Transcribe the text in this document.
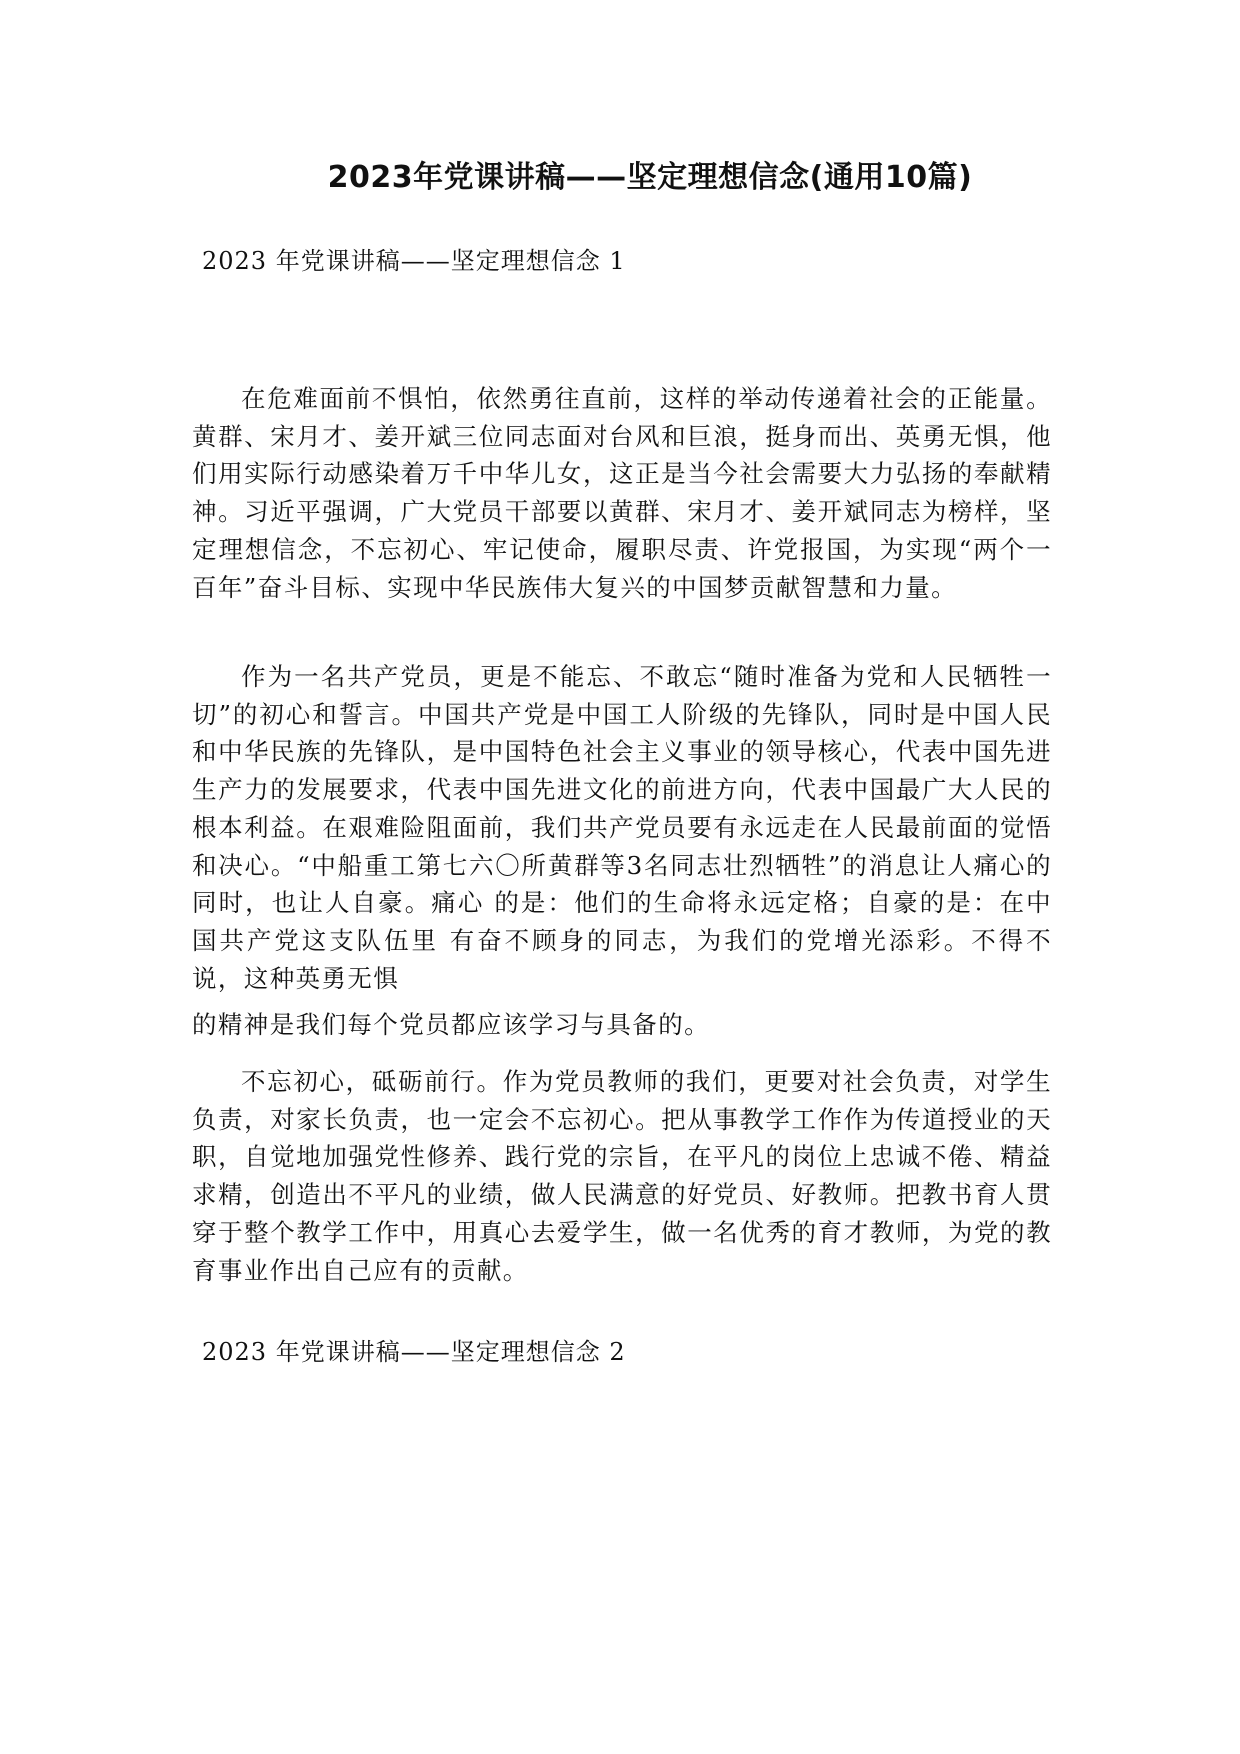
2023年党课讲稿——坚定理想信念(通用10篇)
2023 年党课讲稿——坚定理想信念 1

在危难面前不惧怕，依然勇往直前，这样的举动传递着社会的正能量。黄群、宋月才、姜开斌三位同志面对台风和巨浪，挺身而出、英勇无惧，他们用实际行动感染着万千中华儿女，这正是当今社会需要大力弘扬的奉献精神。习近平强调，广大党员干部要以黄群、宋月才、姜开斌同志为榜样，坚定理想信念，不忘初心、牢记使命，履职尽责、许党报国，为实现“两个一百年”奋斗目标、实现中华民族伟大复兴的中国梦贡献智慧和力量。

作为一名共产党员，更是不能忘、不敢忘“随时准备为党和人民牺牲一切”的初心和誓言。中国共产党是中国工人阶级的先锋队，同时是中国人民和中华民族的先锋队，是中国特色社会主义事业的领导核心，代表中国先进生产力的发展要求，代表中国先进文化的前进方向，代表中国最广大人民的根本利益。在艰难险阻面前，我们共产党员要有永远走在人民最前面的觉悟和决心。“中船重工第七六〇所黄群等3名同志壮烈牺牲”的消息让人痛心的同时，也让人自豪。痛心 的是：他们的生命将永远定格；自豪的是：在中国共产党这支队伍里 有奋不顾身的同志，为我们的党增光添彩。不得不说，这种英勇无惧

的精神是我们每个党员都应该学习与具备的。

不忘初心，砥砺前行。作为党员教师的我们，更要对社会负责，对学生负责，对家长负责，也一定会不忘初心。把从事教学工作作为传道授业的天职，自觉地加强党性修养、践行党的宗旨，在平凡的岗位上忠诚不倦、精益求精，创造出不平凡的业绩，做人民满意的好党员、好教师。把教书育人贯穿于整个教学工作中，用真心去爱学生，做一名优秀的育才教师，为党的教育事业作出自己应有的贡献。

2023 年党课讲稿——坚定理想信念 2
